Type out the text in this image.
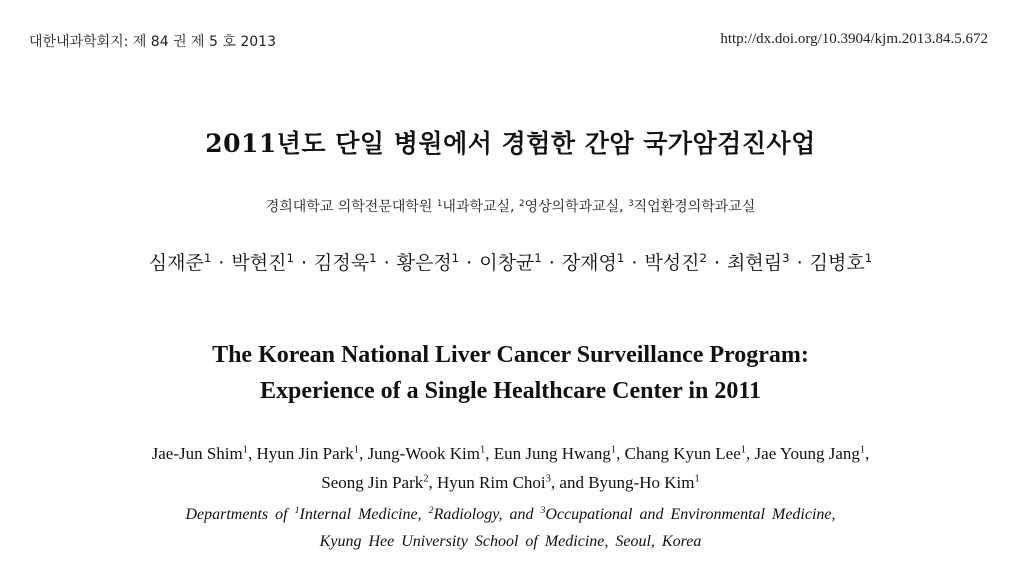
대한내과학회지: 제 84 권 제 5 호 2013	http://dx.doi.org/10.3904/kjm.2013.84.5.672
2011년도 단일 병원에서 경험한 간암 국가암검진사업
경희대학교 의학전문대학원 $^1$내과학교실, $^2$영상의학과교실, $^3$직업환경의학과교실
심재준$^1$ · 박현진$^1$ · 김정욱$^1$ · 황은정$^1$ · 이창균$^1$ · 장재영$^1$ · 박성진$^2$ · 최현림$^3$ · 김병호$^1$
The Korean National Liver Cancer Surveillance Program:
Experience of a Single Healthcare Center in 2011
Jae-Jun Shim$^1$, Hyun Jin Park$^1$, Jung-Wook Kim$^1$, Eun Jung Hwang$^1$, Chang Kyun Lee$^1$, Jae Young Jang$^1$,
Seong Jin Park$^2$, Hyun Rim Choi$^3$, and Byung-Ho Kim$^1$
Departments of $^1$Internal Medicine, $^2$Radiology, and $^3$Occupational and Environmental Medicine,
Kyung Hee University School of Medicine, Seoul, Korea
